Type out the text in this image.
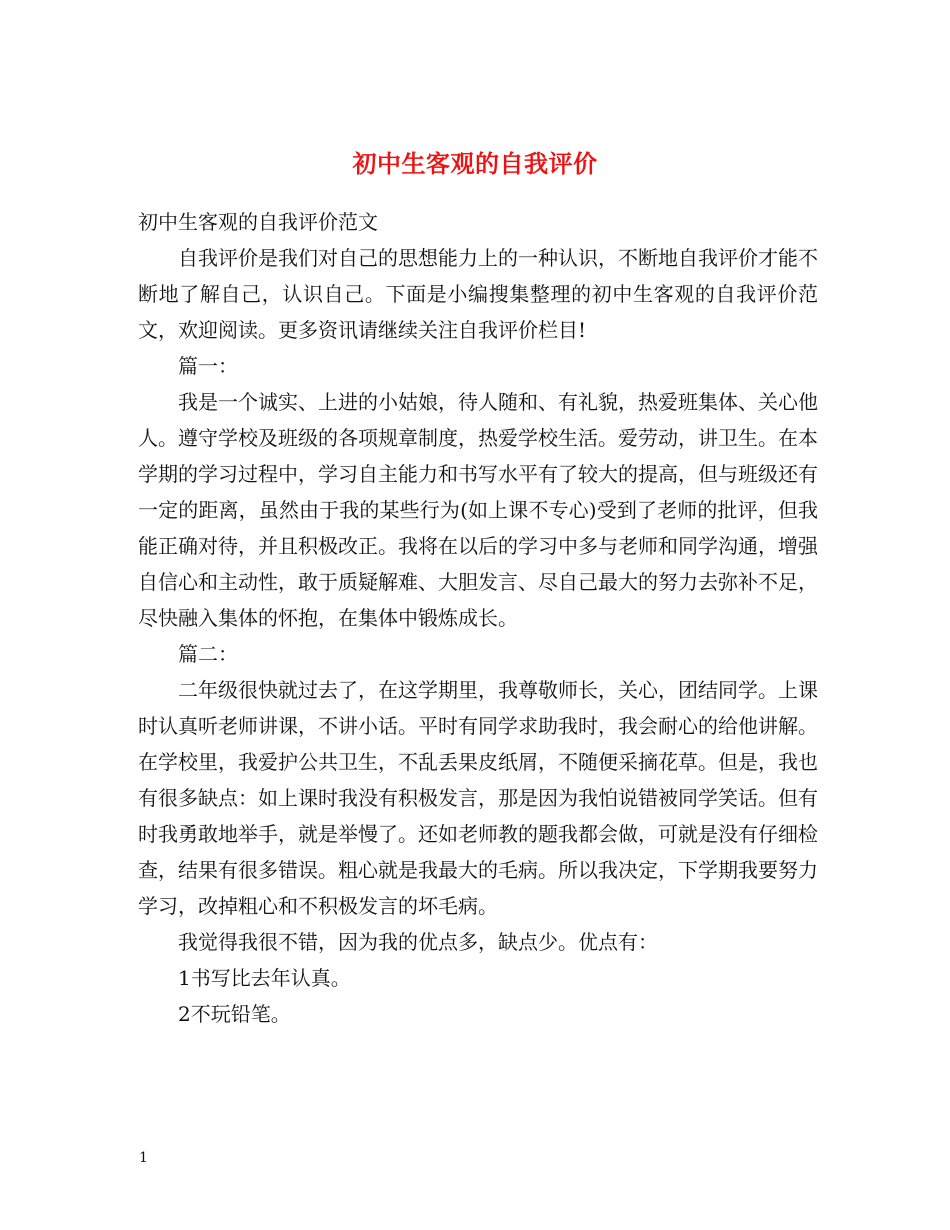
初中生客观的自我评价

初中生客观的自我评价范文

自我评价是我们对自己的思想能力上的一种认识，不断地自我评价才能不断地了解自己，认识自己。下面是小编搜集整理的初中生客观的自我评价范文，欢迎阅读。更多资讯请继续关注自我评价栏目!

篇一：

我是一个诚实、上进的小姑娘，待人随和、有礼貌，热爱班集体、关心他人。遵守学校及班级的各项规章制度，热爱学校生活。爱劳动，讲卫生。在本学期的学习过程中，学习自主能力和书写水平有了较大的提高，但与班级还有一定的距离，虽然由于我的某些行为(如上课不专心)受到了老师的批评，但我能正确对待，并且积极改正。我将在以后的学习中多与老师和同学沟通，增强自信心和主动性，敢于质疑解难、大胆发言、尽自己最大的努力去弥补不足，尽快融入集体的怀抱，在集体中锻炼成长。

篇二：

二年级很快就过去了，在这学期里，我尊敬师长，关心，团结同学。上课时认真听老师讲课，不讲小话。平时有同学求助我时，我会耐心的给他讲解。在学校里，我爱护公共卫生，不乱丢果皮纸屑，不随便采摘花草。但是，我也有很多缺点：如上课时我没有积极发言，那是因为我怕说错被同学笑话。但有时我勇敢地举手，就是举慢了。还如老师教的题我都会做，可就是没有仔细检查，结果有很多错误。粗心就是我最大的毛病。所以我决定，下学期我要努力学习，改掉粗心和不积极发言的坏毛病。

我觉得我很不错，因为我的优点多，缺点少。优点有：

1书写比去年认真。

2不玩铅笔。

1
